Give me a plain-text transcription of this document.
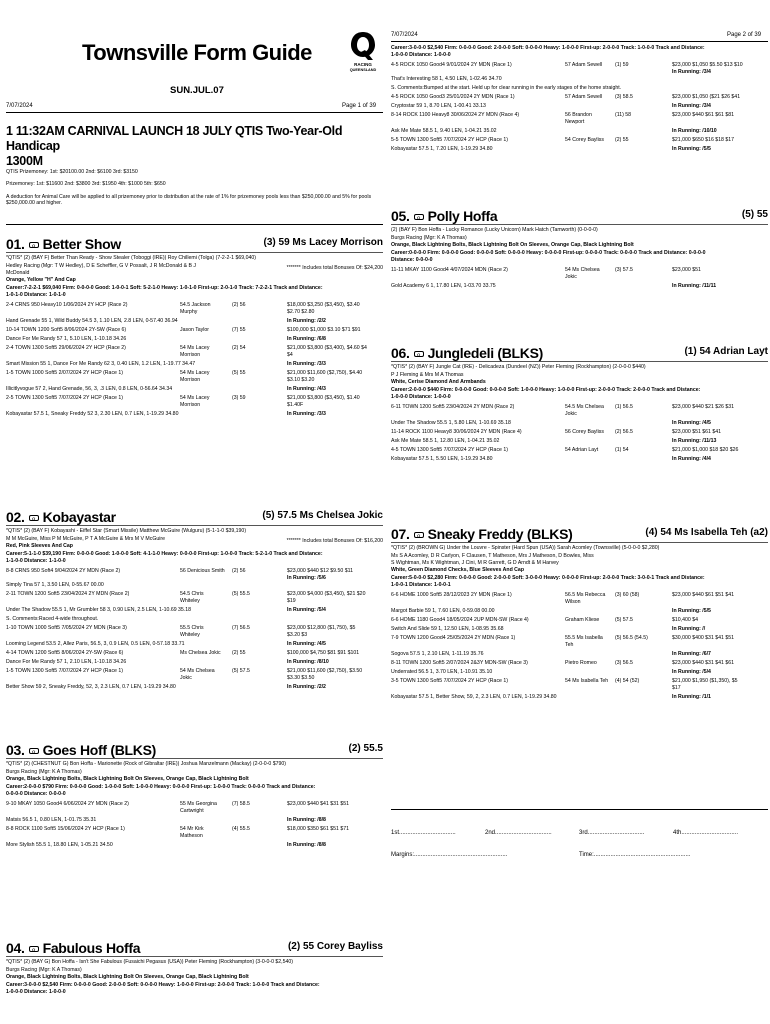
Townsville Form Guide
SUN.JUL.07
RACING
QUEENSLAND
7/07/2024	Page 1 of 39
1 11:32AM CARNIVAL LAUNCH 18 JULY QTIS Two-Year-Old Handicap
1300M
QTIS Prizemoney: 1st: $20100.00 2nd: $6100 3rd: $3150
Prizemoney: 1st: $11600 2nd: $3800 3rd: $1950 4th: $1000 5th: $650
A deduction for Animal Care will be applied to all prizemoney prior to distribution at the rate of 1% for prizemoney pools less than $250,000.00 and 5% for pools $250,000.00 and higher.
01. Q Better Show	(3) 59 Ms Lacey Morrison
*QTIS* (2) (BAY F) Better Than Ready - Show Stealer (Toboggi (IRE)) Roy Chillemi (Tolga) (7-2-2-1 $69,040)
Hedley Racing (Mgr: T W Hedley), D E Scheffler, G V Possalt, J R McDonald & B J	******* Includes total Bonuses Of: $24,200
McDonald
Orange, Yellow "H" And Cap
Career:7-2-2-1 $69,040 Firm: 0-0-0-0 Good: 1-0-0-1 Soft: 5-2-1-0 Heavy: 1-0-1-0 First-up: 2-0-1-0 Track: 7-2-2-1 Track and Distance:
1-0-1-0 Distance: 1-0-1-0
2-4 CRNS 950 Heavy10 1/06/2024 2Y HCP (Race 2)	54.5 Jackson	(2) 56	$18,000 $3,250 ($3,450), $3.40
Murphy	$2.70 $2.80
Hand Grenade 55 1, Wild Buddy 54.5 3, 1.10 LEN, 2.8 LEN, 0-57.40 36.94	In Running: /2/2
10-14 TOWN 1200 Soft5 8/06/2024 2Y-SW (Race 6)	Jason Taylor	(7) 55	$100,000 $1,000 $3.10 $71 $91
Dance For Me Randy 57 1, 5.10 LEN, 1-10.18 34.26	In Running: /6/8
2-4 TOWN 1300 Soft5 29/06/2024 2Y HCP (Race 2)	54 Ms Lacey	(2) 54	$21,000 $3,800 ($3,400), $4.60 $4
Morrison	$4
Smart Mission 55 1, Dance For Me Randy 62 3, 0.40 LEN, 1.2 LEN, 1-19.77 34.47	In Running: /3/3
1-5 TOWN 1000 Soft5 2/07/2024 2Y HCP (Race 1)	54 Ms Lacey	(5) 55	$21,000 $11,600 ($2,750), $4.40
Morrison	$3.10 $3.20
Illicitlyvogue 57 2, Hand Grenade, 56, 3, .3 LEN, 0.8 LEN, 0-56.64 34.34	In Running: /4/3
2-5 TOWN 1300 Soft5 7/07/2024 2Y HCP (Race 1)	54 Ms Lacey	(3) 59	$21,000 $3,800 ($3,450), $1.40
Morrison	$1.40F
Kobayastar 57.5 1, Sneaky Freddy 52 3, 2.30 LEN, 0.7 LEN, 1-19.29 34.80	In Running: /3/3
02. Q Kobayastar	(5) 57.5 Ms Chelsea Jokic
*QTIS* (2) (BAY F) Kobayashi - Eiffel Star (Smart Missile) Matthew McGuire (Wulguru) (5-1-1-0 $39,190)
M M McGuire, Miss P M McGuire, P T A McGuire & Mrs M V McGuire	******* Includes total Bonuses Of: $16,200
Red, Pink Sleeves And Cap
Career:5-1-1-0 $39,190 Firm: 0-0-0-0 Good: 1-0-0-0 Soft: 4-1-1-0 Heavy: 0-0-0-0 First-up: 1-0-0-0 Track: 5-2-1-0 Track and Distance:
1-1-0-0 Distance: 1-1-0-0
8-8 CRNS 950 Soft4 9/04/2024 2Y MDN (Race 2)	56 Denicious Smith (2) 56	$23,000 $440 $12 $9.50 $11
In Running: /5/6
Simply Tina 57 1, 3.50 LEN, 0-55.67 00.00
2-11 TOWN 1200 Soft5 23/04/2024 2Y MDN (Race 2)	54.5 Chris	(5) 55.5	$23,000 $4,000 ($3,450), $21 $20
Whiteley	$19
Under The Shadow 55.5 1, Mr Grumbler 58 3, 0.90 LEN, 2.5 LEN, 1-10.69 35.18	In Running: /5/4
S. Comments:Raced 4-wide throughout.
1-10 TOWN 1000 Soft5 7/05/2024 2Y MDN (Race 3)	55.5 Chris	(7) 56.5	$23,000 $12,800 ($1,750), $5
Whiteley	$3.20 $3
Looming Legend 53.5 2, Allez Paris, 56.5, 3, 0.9 LEN, 0.5 LEN, 0-57.18 33.71	In Running: /4/5
4-14 TOWN 1200 Soft5 8/06/2024 2Y-SW (Race 6)	Ms Chelsea Jokic (2) 55	$100,000 $4,750 $81 $91 $101
Dance For Me Randy 57 1, 2.10 LEN, 1-10.18 34.26	In Running: /8/10
1-5 TOWN 1300 Soft5 7/07/2024 2Y HCP (Race 1)	54 Ms Chelsea	(5) 57.5	$21,000 $11,600 ($2,750), $3.50
Jokic	$3.30 $3.50
Better Show 59 2, Sneaky Freddy, 52, 3, 2.3 LEN, 0.7 LEN, 1-19.29 34.80	In Running: /2/2
03. Q Goes Hoff (BLKS)	(2) 55.5
*QTIS* (2) (CHESTNUT G) Bon Hoffa - Marionette (Rock of Gibraltar (IRE)) Joshua Manzelmann (Mackay) (2-0-0-0 $790)
Burgs Racing (Mgr: K A Thomas)
Orange, Black Lightning Bolts, Black Lightning Bolt On Sleeves, Orange Cap, Black Lightning Bolt
Career:2-0-0-0 $790 Firm: 0-0-0-0 Good: 1-0-0-0 Soft: 1-0-0-0 Heavy: 0-0-0-0 First-up: 1-0-0-0 Track: 0-0-0-0 Track and Distance:
0-0-0-0 Distance: 0-0-0-0
9-10 MKAY 1050 Good4 6/06/2024 2Y MDN (Race 2)	55 Ms Georgina	(7) 58.5	$23,000 $440 $41 $31 $51
Cartwright
Matsis 56.5 1, 0.80 LEN, 1-01.75 35.31	In Running: /8/8
8-8 ROCK 1100 Soft5 15/06/2024 2Y HCP (Race 1)	54 Mr Kirk	(4) 55.5	$18,000 $350 $61 $51 $71
Matheson
More Stylish 55.5 1, 18.80 LEN, 1-05.21 34.50	In Running: /8/8
04. Q Fabulous Hoffa	(2) 55 Corey Bayliss
*QTIS* (2) (BAY G) Bon Hoffa - Isn't She Fabulous (Fusaichi Pegasus (USA)) Peter Fleming (Rockhampton) (3-0-0-0 $2,540)
Burgs Racing (Mgr: K A Thomas)
Orange, Black Lightning Bolts, Black Lightning Bolt On Sleeves, Orange Cap, Black Lightning Bolt
Career:3-0-0-0 $2,540 Firm: 0-0-0-0 Good: 2-0-0-0 Soft: 0-0-0-0 Heavy: 1-0-0-0 First-up: 2-0-0-0 Track: 1-0-0-0 Track and Distance:
1-0-0-0 Distance: 1-0-0-0
7/07/2024	Page 2 of 39
Career:3-0-0-0 $2,540 Firm: 0-0-0-0 Good: 2-0-0-0 Soft: 0-0-0-0 Heavy: 1-0-0-0 First-up: 2-0-0-0 Track: 1-0-0-0 Track and Distance:
1-0-0-0 Distance: 1-0-0-0
4-5 ROCK 1050 Good4 9/01/2024 2Y MDN (Race 1)	57 Adam Sewell (1) 59	$23,000 $1,050 $5.50 $13 $10
In Running: /3/4
That's Interesting 58 1, 4.50 LEN, 1-02.46 34.70
S. Comments:Bumped at the start. Held up for clear running in the early stages of the home straight.
4-5 ROCK 1050 Good3 25/01/2024 2Y MDN (Race 1)	57 Adam Sewell (3) 58.5	$23,000 $1,050 ($21 $26 $41
Cryptostar 59 1, 8.70 LEN, 1-00.41 33.13	In Running: /3/4
8-14 ROCK 1100 Heavy8 30/06/2024 2Y MDN (Race 4)	56 Brandon	(11) 58	$23,000 $440 $61 $61 $81
Newport
Ask Me Mate 58.5 1, 9.40 LEN, 1-04.21 35.02	In Running: /10/10
5-5 TOWN 1300 Soft5 7/07/2024 2Y HCP (Race 1)	54 Corey Bayliss (2) 55	$21,000 $650 $16 $18 $17
Kobayastar 57.5 1, 7.20 LEN, 1-19.29 34.80	In Running: /5/5
05. Q Polly Hoffa	(5) 55
(2) (BAY F) Bon Hoffa - Lucky Romance (Lucky Unicorn) Mark Hatch (Tamworth) (0-0-0-0)
Burgs Racing (Mgr: K A Thomas)
Orange, Black Lightning Bolts, Black Lightning Bolt On Sleeves, Orange Cap, Black Lightning Bolt
Career:0-0-0-0 Firm: 0-0-0-0 Good: 0-0-0-0 Soft: 0-0-0-0 Heavy: 0-0-0-0 First-up: 0-0-0-0 Track: 0-0-0-0 Track and Distance: 0-0-0-0
Distance: 0-0-0-0
11-11 MKAY 1100 Good4 4/07/2024 MDN (Race 2)	54 Ms Chelsea	(3) 57.5	$23,000 $51
Jokic
Gold Academy 6 1, 17.80 LEN, 1-03.70 33.75	In Running: /11/11
06. Q Jungledeli (BLKS)	(1) 54 Adrian Layt
*QTIS* (2) (BAY F) Jungle Cat (IRE) - Delicadeza (Dundeel (NZ)) Peter Fleming (Rockhampton) (2-0-0-0 $440)
P J Fleming & Mrs M A Thomas
White, Cerise Diamond And Armbands
Career:2-0-0-0 $440 Firm: 0-0-0-0 Good: 0-0-0-0 Soft: 1-0-0-0 Heavy: 1-0-0-0 First-up: 2-0-0-0 Track: 2-0-0-0 Track and Distance:
1-0-0-0 Distance: 1-0-0-0
6-11 TOWN 1200 Soft5 23/04/2024 2Y MDN (Race 2)	54.5 Ms Chelsea (1) 56.5	$23,000 $440 $21 $26 $31
Jokic
Under The Shadow 55.5 1, 5.80 LEN, 1-10.69 35.18	In Running: /4/5
11-14 ROCK 1100 Heavy8 30/06/2024 2Y MDN (Race 4)	56 Corey Bayliss (2) 56.5	$23,000 $51 $61 $41
Ask Me Mate 58.5 1, 12.80 LEN, 1-04.21 35.02	In Running: /11/13
4-5 TOWN 1300 Soft5 7/07/2024 2Y HCP (Race 1)	54 Adrian Layt	(1) 54	$21,000 $1,000 $18 $20 $26
Kobayastar 57.5 1, 5.50 LEN, 1-19.29 34.80	In Running: /4/4
07. Q Sneaky Freddy (BLKS)	(4) 54 Ms Isabella Teh (a2)
*QTIS* (2) (BROWN G) Under the Louvre - Spinster (Hard Spun (USA)) Sarah Acomley (Townsville) (5-0-0-0 $2,280)
Ms S A Acomley, D R Carlyon, F Clausen, T Matheson, Mrs J Matheson, D Bowles, Miss
S Wightman, Ms K Wightman, J Cini, M R Garrett, G D Arndt & M Harvey
White, Green Diamond Checks, Blue Sleeves And Cap
Career:5-0-0-0 $2,280 Firm: 0-0-0-0 Good: 2-0-0-0 Soft: 3-0-0-0 Heavy: 0-0-0-0 First-up: 2-0-0-0 Track: 3-0-0-1 Track and Distance:
1-0-0-1 Distance: 1-0-0-1
6-6 HOME 1000 Soft5 28/12/2023 2Y MDN (Race 1)	56.5 Ms Rebecca (3) 60 (58)	$23,000 $440 $61 $51 $41
Wilson
Margot Barbie 59 1, 7.60 LEN, 0-59.08 00.00	In Running: /5/5
6-6 HOME 1180 Good4 18/05/2024 2UP MDN-SW (Race 4)	Graham Kliese	(5) 57.5	$10,400 $4
Switch And Slide 59 1, 12.50 LEN, 1-08.95 35.68	In Running: //
7-9 TOWN 1200 Good4 25/05/2024 2Y MDN (Race 1)	55.5 Ms Isabella (5) 56.5 (54.5)	$30,000 $400 $31 $41 $51
Teh
Sogova 57.5 1, 2.10 LEN, 1-11.19 35.76	In Running: /6/7
8-11 TOWN 1200 Soft5 2/07/2024 2&3Y MDN-SW (Race 3)	Pietro Romeo	(3) 56.5	$23,000 $440 $31 $41 $61
Underrated 56.5 1, 3.70 LEN, 1-10.91 35.10	In Running: /5/4
3-5 TOWN 1300 Soft5 7/07/2024 2Y HCP (Race 1)	54 Ms Isabella Teh (4) 54 (52)	$21,000 $1,950 ($1,350), $5
$17
Kobayastar 57.5 1, Better Show, 59, 2, 2.3 LEN, 0.7 LEN, 1-19.29 34.80	In Running: /1/1
1st..................................	2nd..................................	3rd..................................	4th..................................
Margins:........................................................	Time:..........................................................
